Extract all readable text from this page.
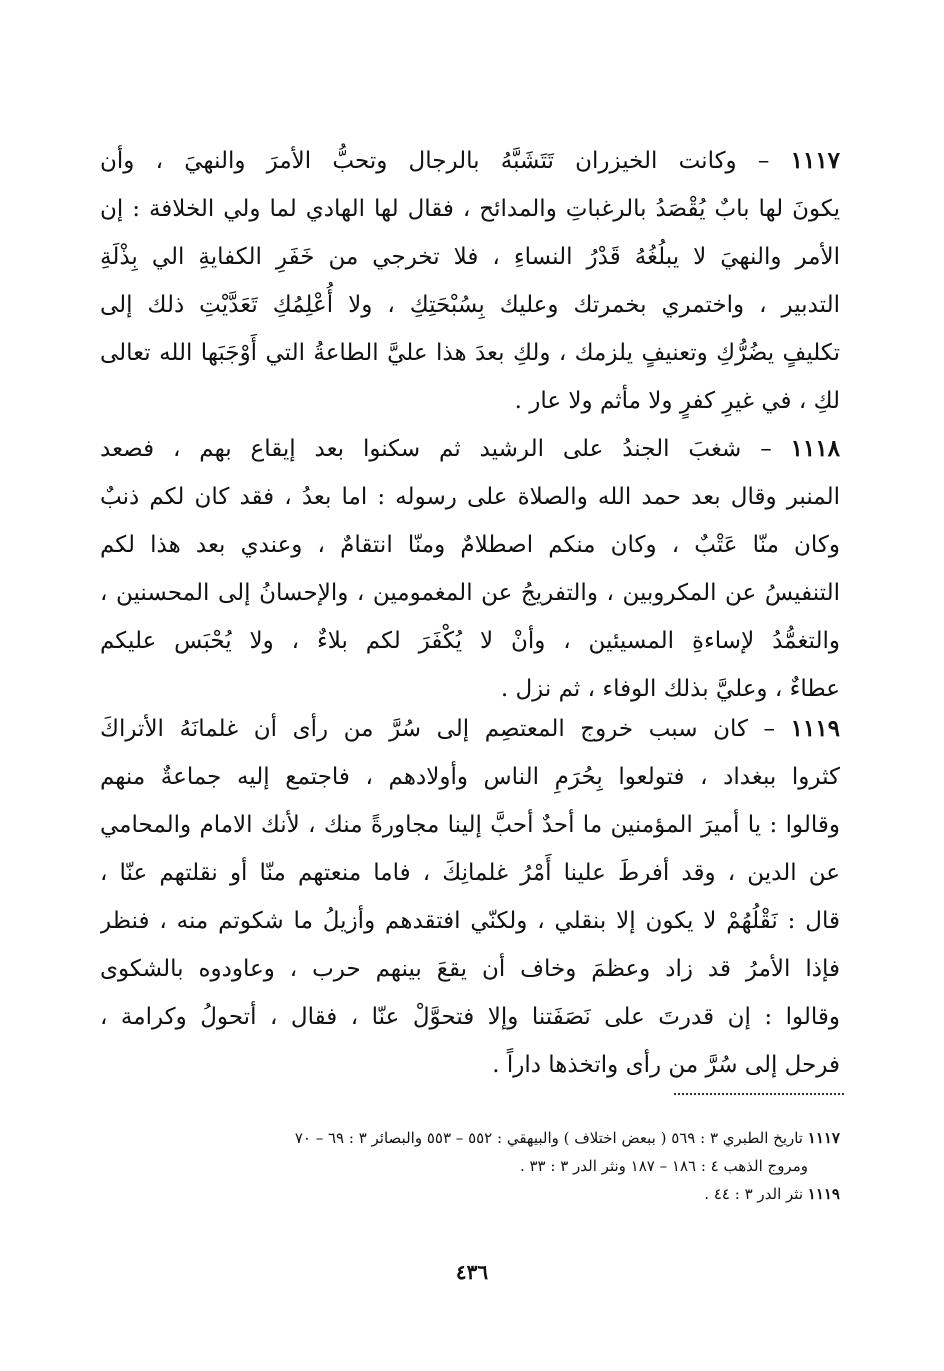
١١١٧ – وكانت الخيزران تَتَشَبَّهُ بالرجال وتحبُّ الأمرَ والنهيَ ، وأن
يكونَ لها بابٌ يُقْصَدُ بالرغباتِ والمدائح ، فقال لها الهادي لما ولي الخلافة : إن
الأمر والنهيَ لا يبلُغُهُ قَدْرُ النساءِ ، فلا تخرجي من خَفَرِ الكفايةِ الي بِذْلَةِ
التدبير ، واختمري بخمرتك وعليك بِسُبْحَتِكِ ، ولا أُعْلِمُكِ تَعَدَّيْتِ ذلك إلى
تكليفٍ يضُرُّكِ وتعنيفٍ يلزمك ، ولكِ بعدَ هذا عليَّ الطاعةُ التي أَوْجَبَها الله تعالى
لكِ ، في غيرِ كفرٍ ولا مأثم ولا عار .
١١١٨ – شغبَ الجندُ على الرشيد ثم سكنوا بعد إيقاع بهم ، فصعد
المنبر وقال بعد حمد الله والصلاة على رسوله : اما بعدُ ، فقد كان لكم ذنبٌ
وكان منّا عَتْبٌ ، وكان منكم اصطلامٌ ومنّا انتقامٌ ، وعندي بعد هذا لكم
التنفيسُ عن المكروبين ، والتفريجُ عن المغمومين ، والإحسانُ إلى المحسنين ،
والتغمُّدُ لإساءةِ المسيئين ، وأنْ لا يُكْفَرَ لكم بلاءٌ ، ولا يُحْبَس عليكم
عطاءٌ ، وعليَّ بذلك الوفاء ، ثم نزل .
١١١٩ – كان سبب خروج المعتصِم إلى سُرَّ من رأى أن غلمانَهُ الأتراكَ
كثروا ببغداد ، فتولعوا بِحُرَمِ الناس وأولادهم ، فاجتمع إليه جماعةٌ منهم
وقالوا : يا أميرَ المؤمنين ما أحدٌ أحبَّ إلينا مجاورةً منك ، لأنك الامام والمحامي
عن الدين ، وقد أفرطَ علينا أَمْرُ غلمانِكَ ، فاما منعتهم منّا أو نقلتهم عنّا ،
قال : نَقْلُهُمْ لا يكون إلا بنقلي ، ولكنّي افتقدهم وأزيلُ ما شكوتم منه ، فنظر
فإذا الأمرُ قد زاد وعظمَ وخاف أن يقعَ بينهم حرب ، وعاودوه بالشكوى
وقالوا : إن قدرتَ على نَصَفَتنا وإلا فتحوَّلْ عنّا ، فقال ، أتحولُ وكرامة ،
فرحل إلى سُرَّ من رأى واتخذها داراً .
١١١٧ تاريخ الطبري ٣ : ٥٦٩ ( ببعض اختلاف ) والبيهقي : ٥٥٢ – ٥٥٣ والبصائر ٣ : ٦٩ – ٧٠
ومروج الذهب ٤ : ١٨٦ – ١٨٧ ونثر الدر ٣ : ٣٣ .
١١١٩ نثر الدر ٣ : ٤٤ .
٤٣٦
